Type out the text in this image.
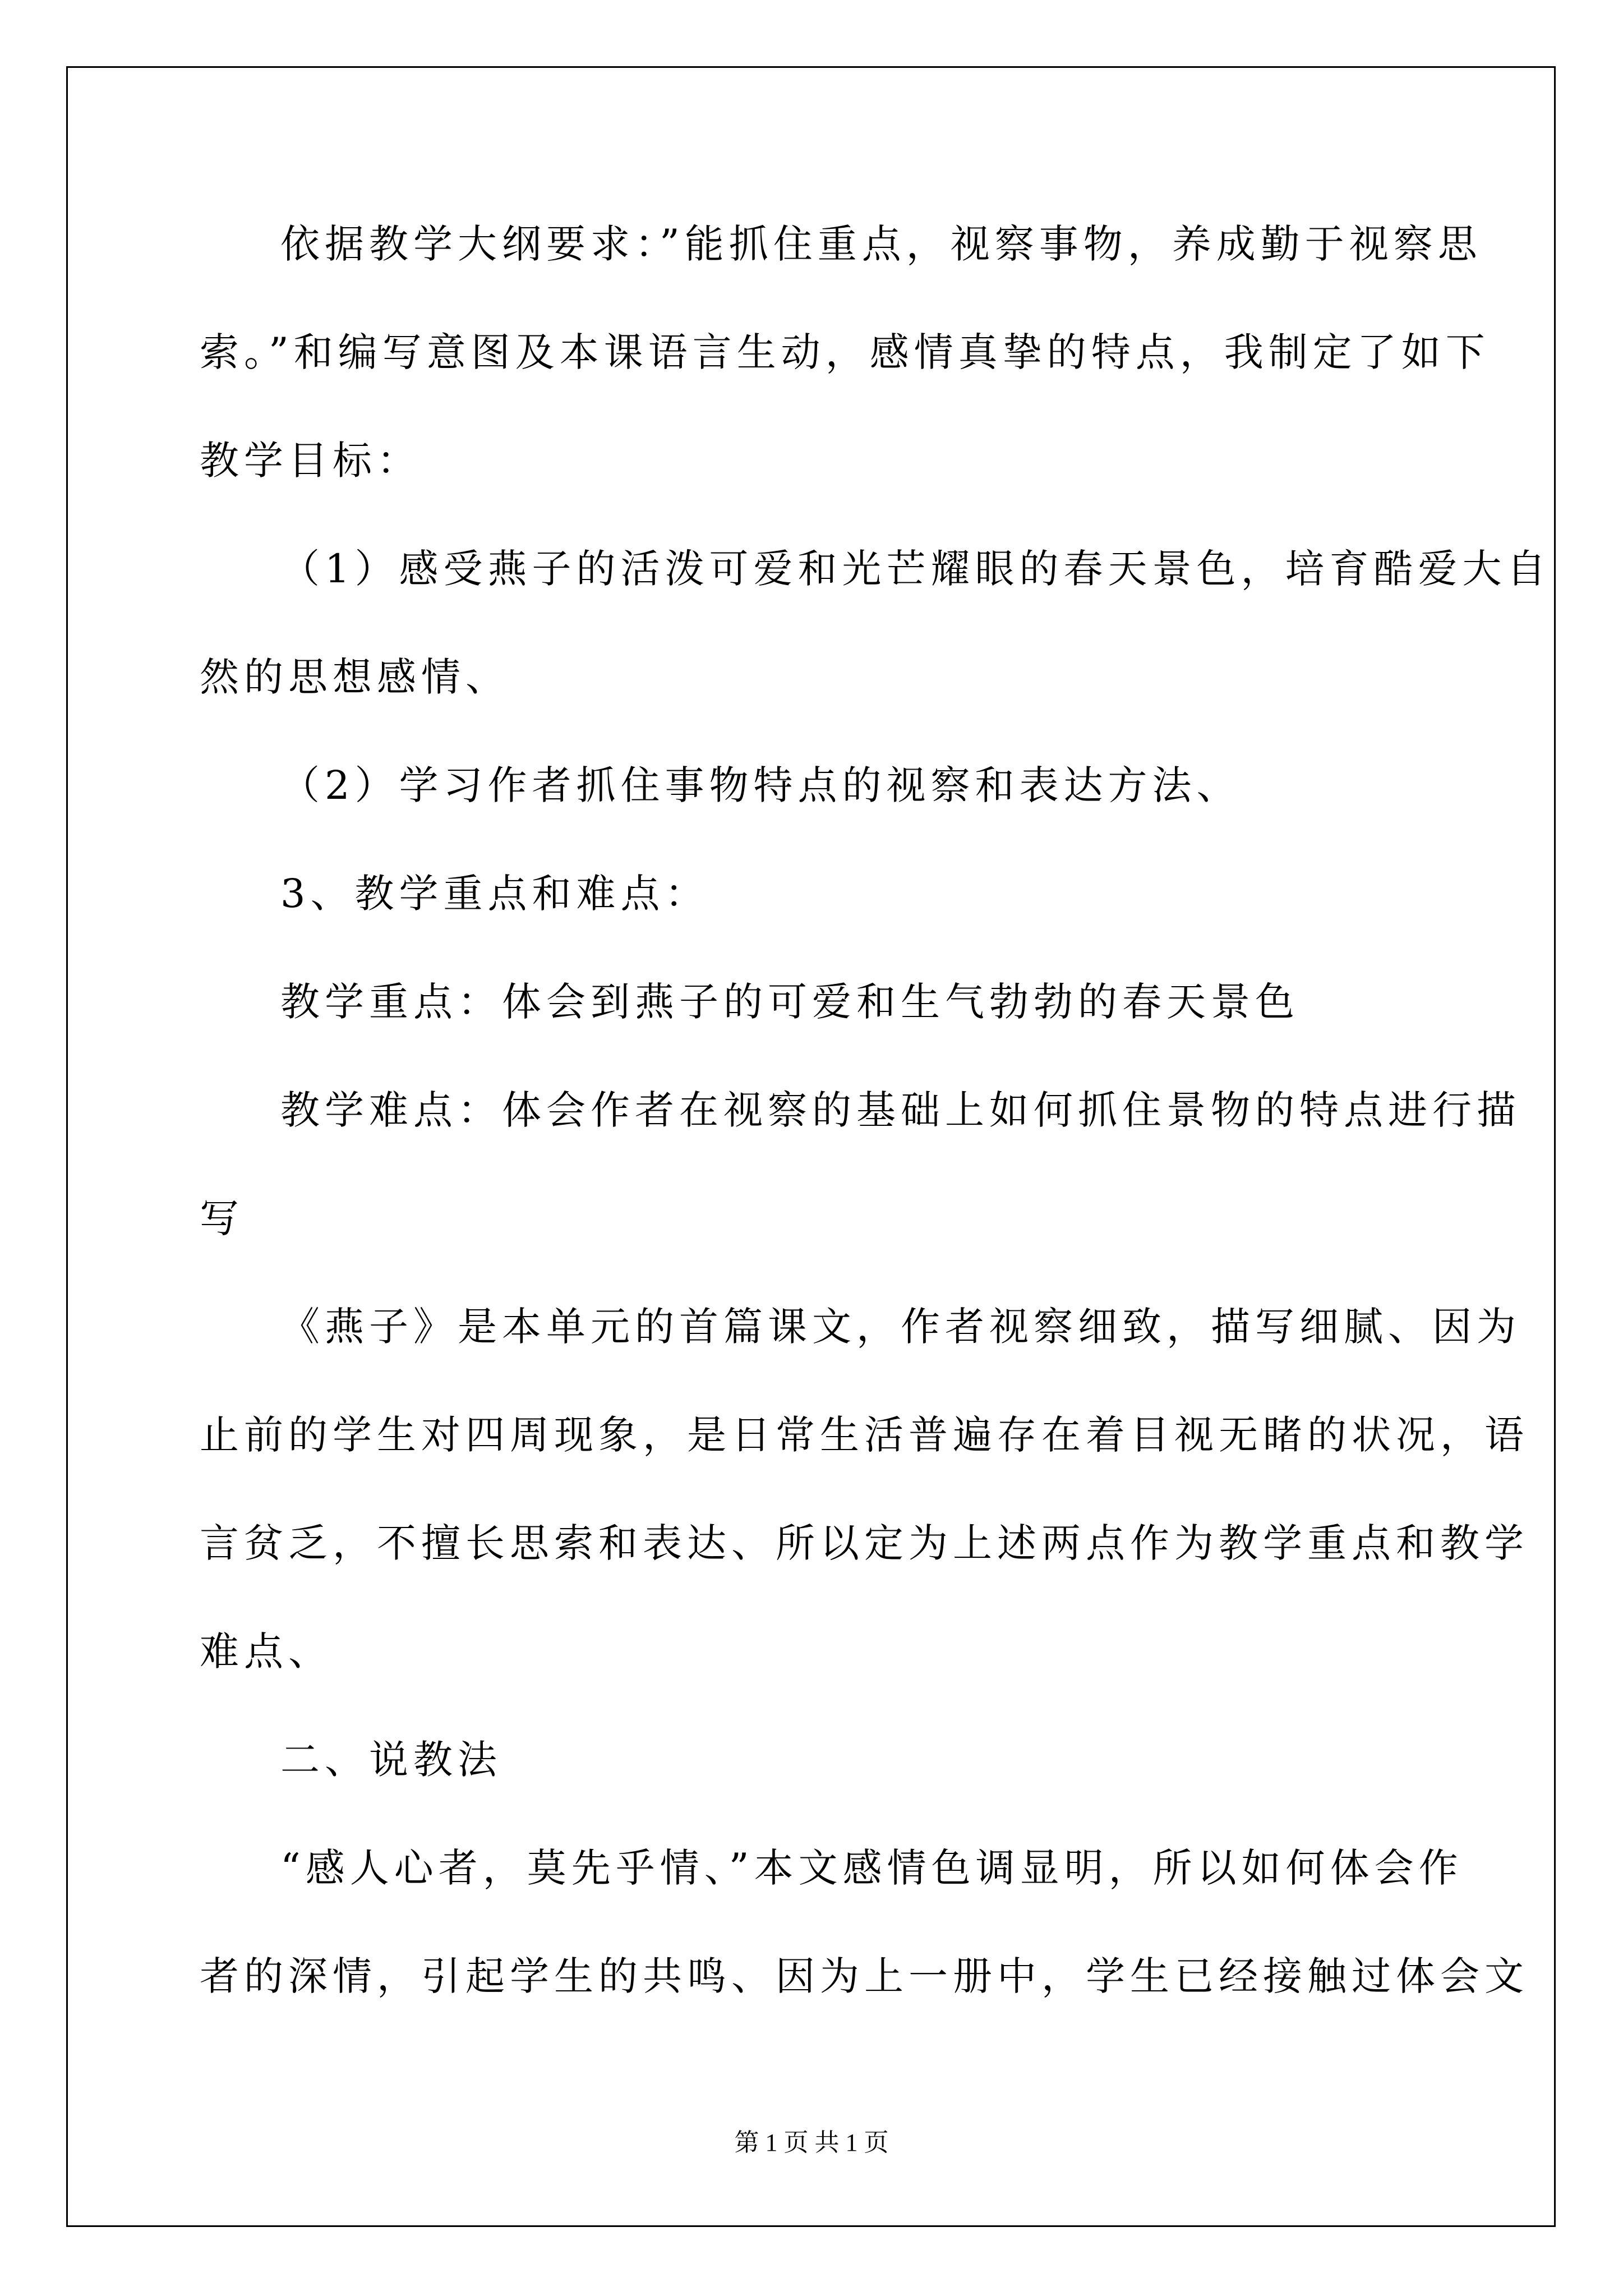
依据教学大纲要求：”能抓住重点，视察事物，养成勤于视察思
索。”和编写意图及本课语言生动，感情真挚的特点，我制定了如下
教学目标：
（1）感受燕子的活泼可爱和光芒耀眼的春天景色，培育酷爱大自
然的思想感情、
（2）学习作者抓住事物特点的视察和表达方法、
3、教学重点和难点：
教学重点：体会到燕子的可爱和生气勃勃的春天景色
教学难点：体会作者在视察的基础上如何抓住景物的特点进行描
写
《燕子》是本单元的首篇课文，作者视察细致，描写细腻、因为
止前的学生对四周现象，是日常生活普遍存在着目视无睹的状况，语
言贫乏，不擅长思索和表达、所以定为上述两点作为教学重点和教学
难点、
二、说教法
“感人心者，莫先乎情、”本文感情色调显明，所以如何体会作
者的深情，引起学生的共鸣、因为上一册中，学生已经接触过体会文
第 1 页 共 1 页
